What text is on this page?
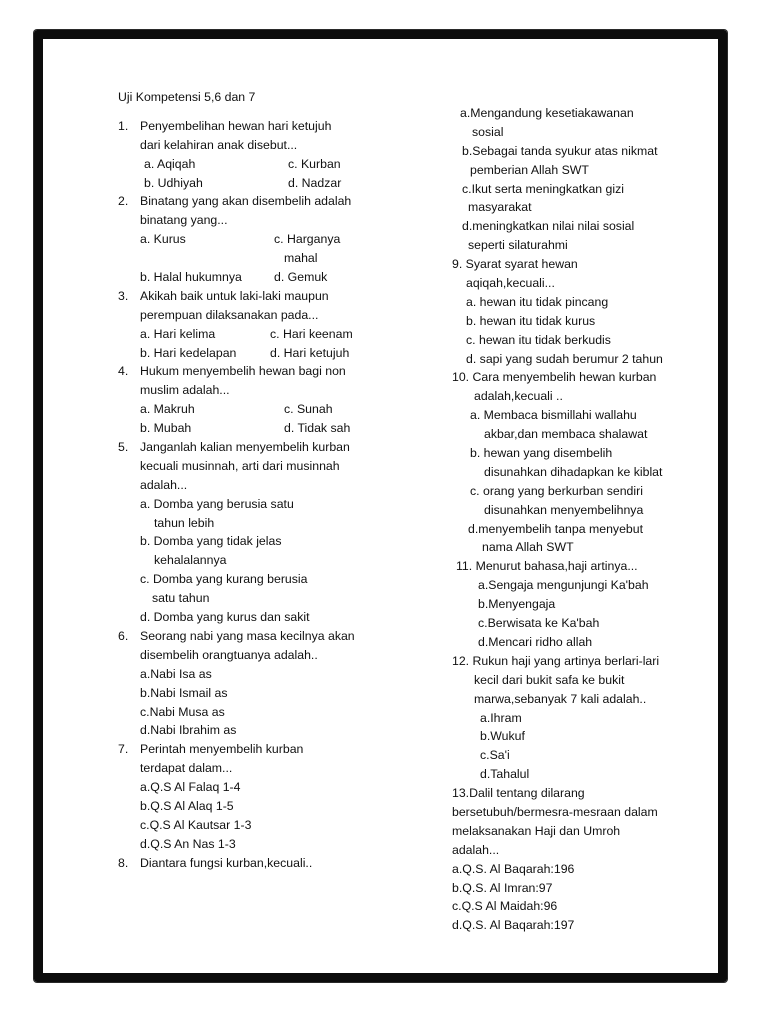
Uji Kompetensi 5,6 dan 7
1. Penyembelihan hewan hari ketujuh
dari kelahiran anak disebut...
a. Aqiqah	c. Kurban
b. Udhiyah	d. Nadzar
2. Binatang yang akan disembelih adalah
binatang yang...
a. Kurus	c. Harganya
mahal
b. Halal hukumnya	d. Gemuk
3. Akikah baik untuk laki-laki maupun
perempuan dilaksanakan pada...
a. Hari kelima	c. Hari keenam
b. Hari kedelapan	d. Hari ketujuh
4. Hukum menyembelih hewan bagi non
muslim adalah...
a. Makruh	c. Sunah
b. Mubah	d. Tidak sah
5. Janganlah kalian menyembelih kurban
kecuali musinnah, arti dari musinnah
adalah...
a. Domba yang berusia satu
tahun lebih
b. Domba yang tidak jelas
kehalalannya
c. Domba yang kurang berusia
satu tahun
d. Domba yang kurus dan sakit
6. Seorang nabi yang masa kecilnya akan
disembelih orangtuanya adalah..
a.Nabi Isa as
b.Nabi Ismail as
c.Nabi Musa as
d.Nabi Ibrahim as
7. Perintah menyembelih kurban
terdapat dalam...
a.Q.S Al Falaq 1-4
b.Q.S Al Alaq 1-5
c.Q.S Al Kautsar 1-3
d.Q.S An Nas 1-3
8. Diantara fungsi kurban,kecuali..
a.Mengandung kesetiakawanan
sosial
b.Sebagai tanda syukur atas nikmat
pemberian Allah SWT
c.Ikut serta meningkatkan gizi
masyarakat
d.meningkatkan nilai nilai sosial
seperti silaturahmi
9. Syarat syarat hewan
aqiqah,kecuali...
a. hewan itu tidak pincang
b. hewan itu tidak kurus
c. hewan itu tidak berkudis
d. sapi yang sudah berumur 2 tahun
10. Cara menyembelih hewan kurban
adalah,kecuali ..
a. Membaca bismillahi wallahu
akbar,dan membaca shalawat
b. hewan yang disembelih
disunahkan dihadapkan ke kiblat
c. orang yang berkurban sendiri
disunahkan menyembelihnya
d.menyembelih tanpa menyebut
nama Allah SWT
11. Menurut bahasa,haji artinya...
a.Sengaja mengunjungi Ka'bah
b.Menyengaja
c.Berwisata ke Ka'bah
d.Mencari ridho allah
12. Rukun haji yang artinya berlari-lari
kecil dari bukit safa ke bukit
marwa,sebanyak 7 kali adalah..
a.Ihram
b.Wukuf
c.Sa'i
d.Tahalul
13.Dalil tentang dilarang
bersetubuh/bermesra-mesraan dalam
melaksanakan Haji dan Umroh
adalah...
a.Q.S. Al Baqarah:196
b.Q.S. Al Imran:97
c.Q.S Al Maidah:96
d.Q.S. Al Baqarah:197
